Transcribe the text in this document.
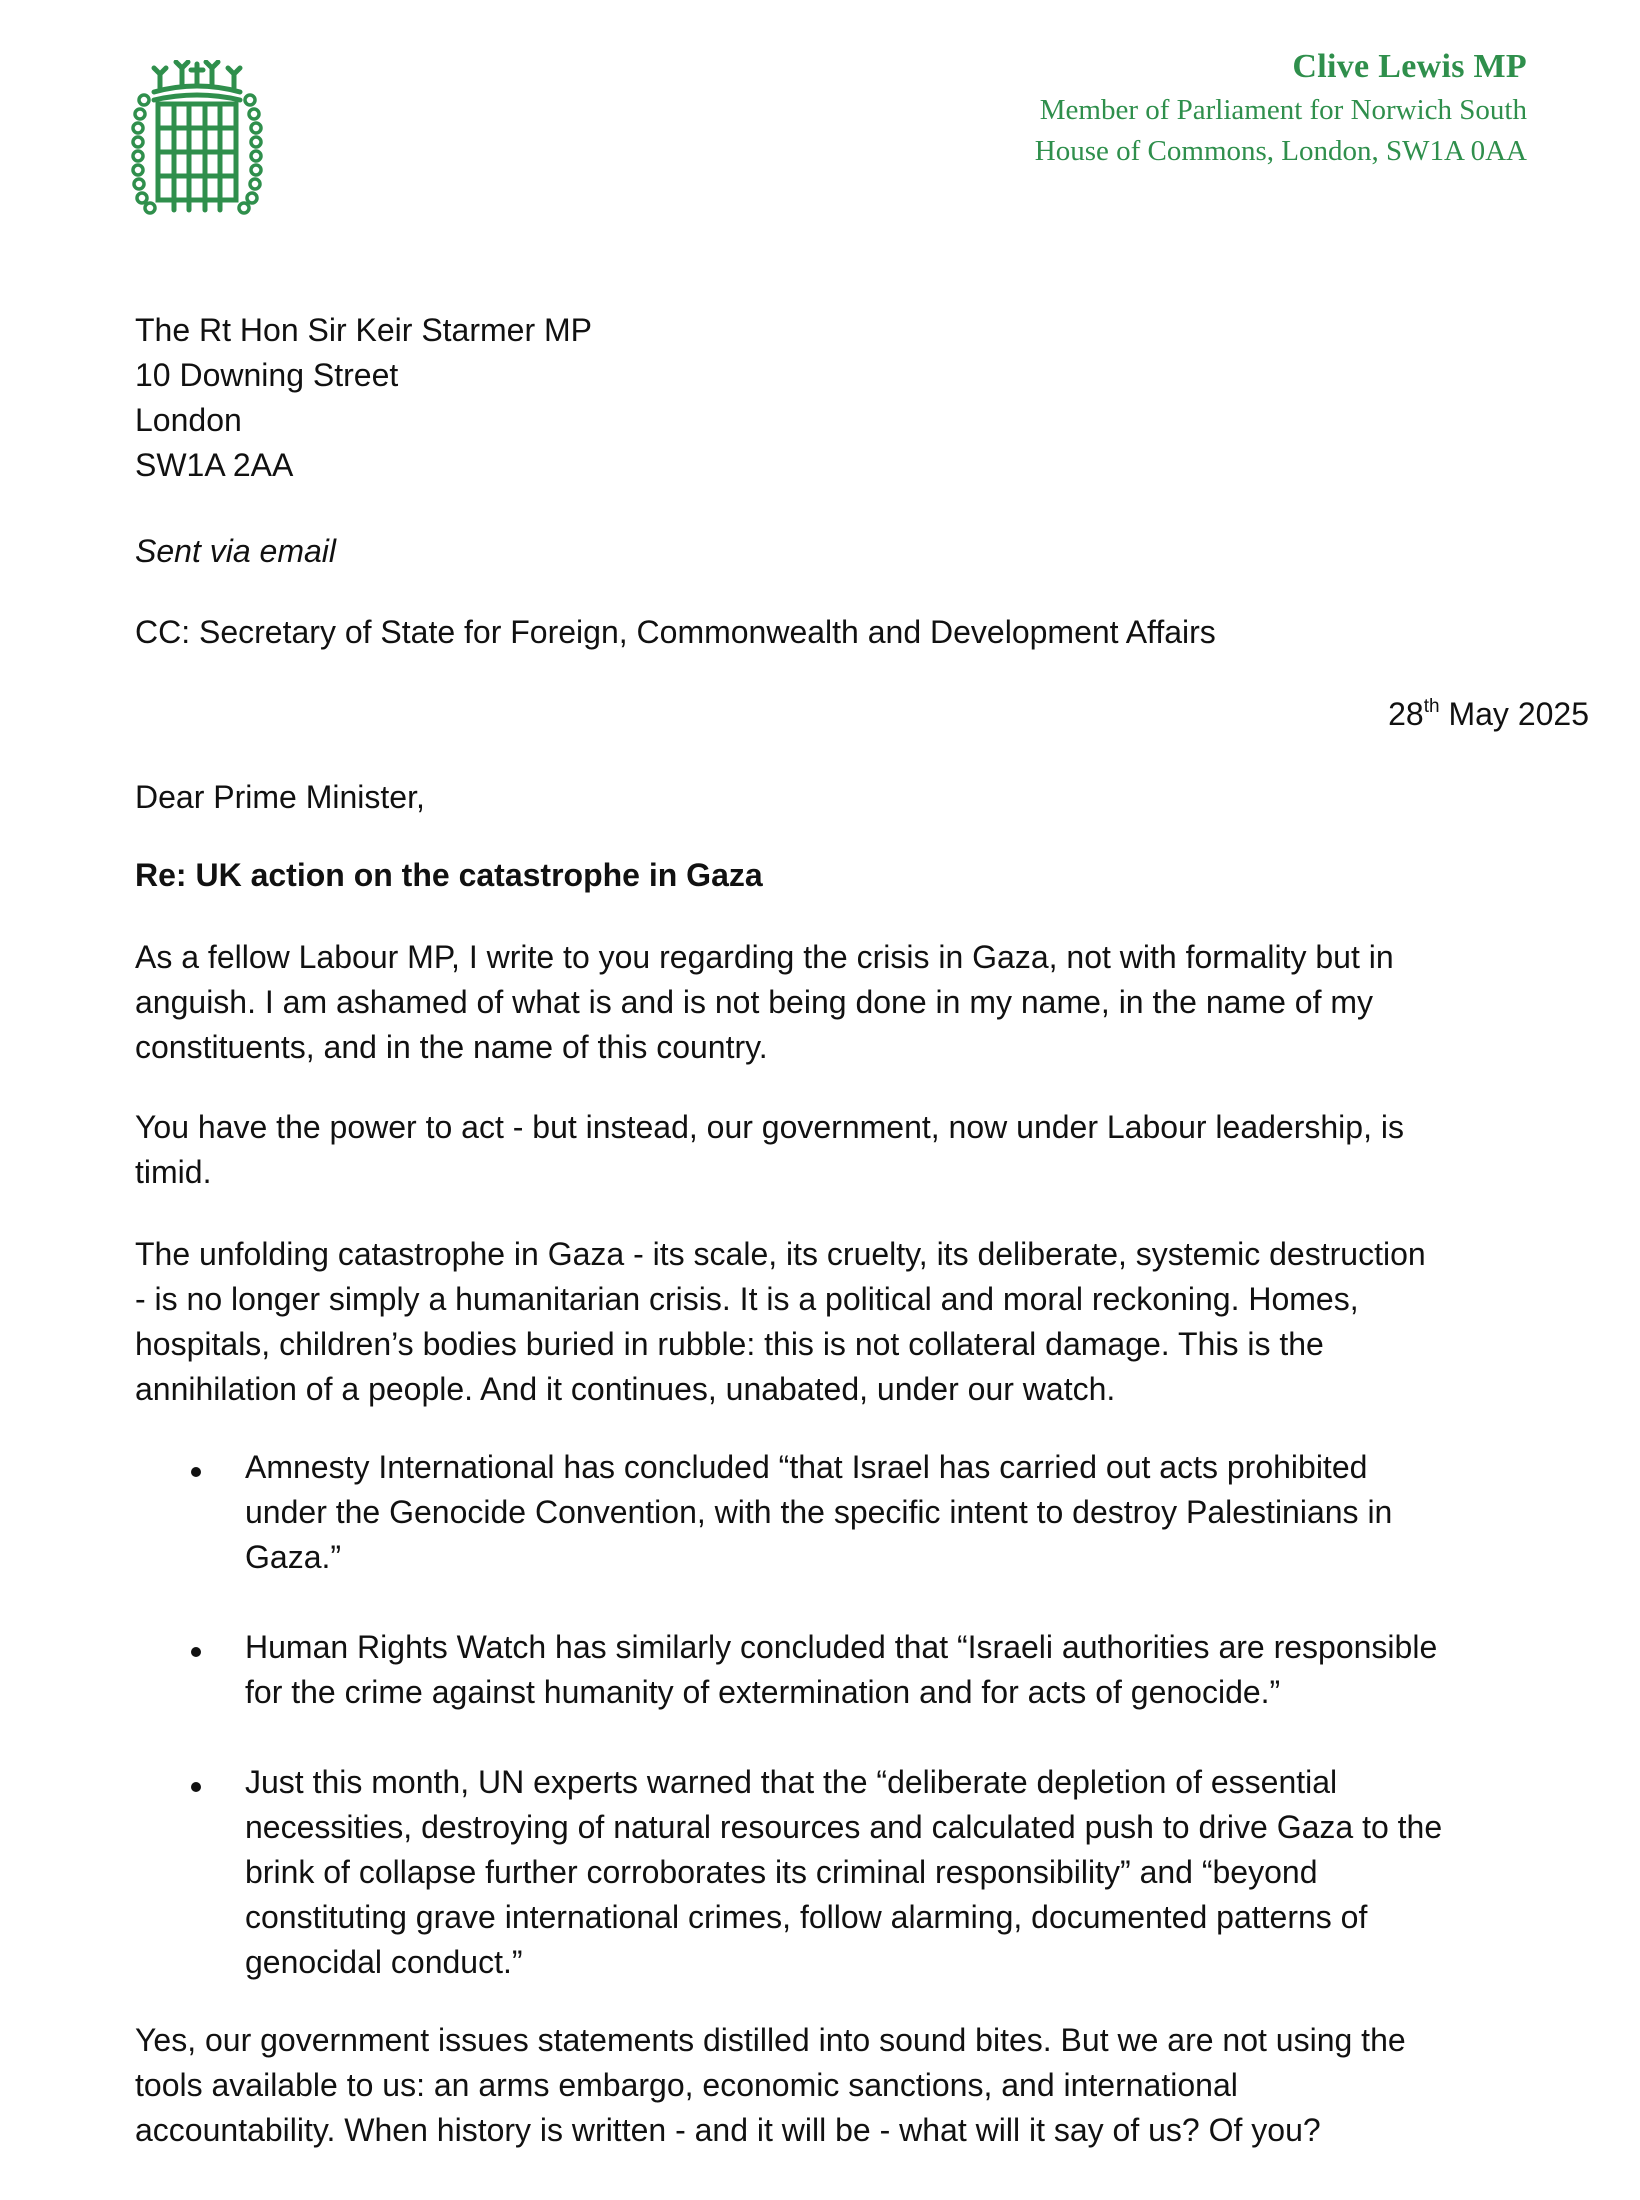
Clive Lewis MP
Member of Parliament for Norwich South
House of Commons, London, SW1A 0AA
The Rt Hon Sir Keir Starmer MP
10 Downing Street
London
SW1A 2AA
Sent via email
CC: Secretary of State for Foreign, Commonwealth and Development Affairs
28th May 2025
Dear Prime Minister,
Re: UK action on the catastrophe in Gaza
As a fellow Labour MP, I write to you regarding the crisis in Gaza, not with formality but in
anguish. I am ashamed of what is and is not being done in my name, in the name of my
constituents, and in the name of this country.
You have the power to act - but instead, our government, now under Labour leadership, is
timid.
The unfolding catastrophe in Gaza - its scale, its cruelty, its deliberate, systemic destruction
- is no longer simply a humanitarian crisis. It is a political and moral reckoning. Homes,
hospitals, children’s bodies buried in rubble: this is not collateral damage. This is the
annihilation of a people. And it continues, unabated, under our watch.
Amnesty International has concluded “that Israel has carried out acts prohibited
under the Genocide Convention, with the specific intent to destroy Palestinians in
Gaza.”
Human Rights Watch has similarly concluded that “Israeli authorities are responsible
for the crime against humanity of extermination and for acts of genocide.”
Just this month, UN experts warned that the “deliberate depletion of essential
necessities, destroying of natural resources and calculated push to drive Gaza to the
brink of collapse further corroborates its criminal responsibility” and “beyond
constituting grave international crimes, follow alarming, documented patterns of
genocidal conduct.”
Yes, our government issues statements distilled into sound bites. But we are not using the
tools available to us: an arms embargo, economic sanctions, and international
accountability. When history is written - and it will be - what will it say of us? Of you?
